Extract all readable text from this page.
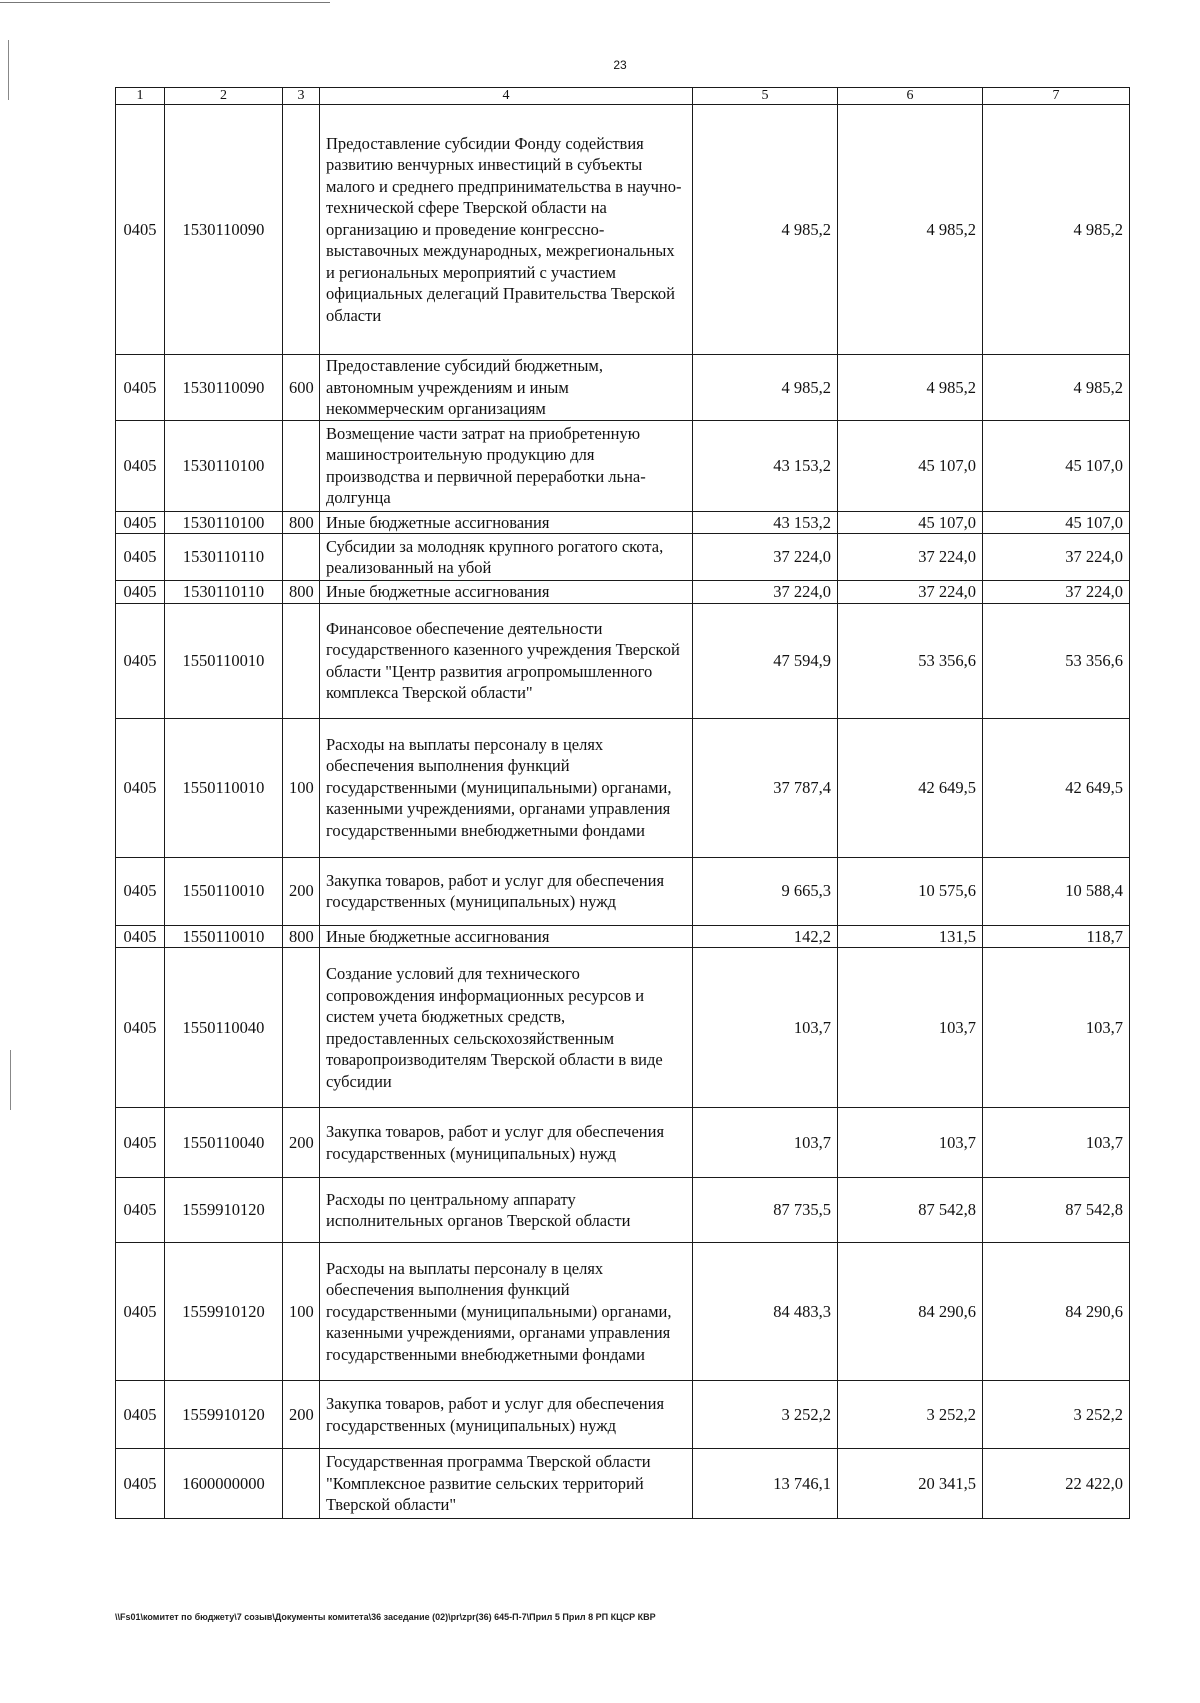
23
1	2	3	4	5	6	7
0405	1530110090		Предоставление субсидии Фонду содействия развитию венчурных инвестиций в субъекты малого и среднего предпринимательства в научно-технической сфере Тверской области на организацию и проведение конгрессно-выставочных международных, межрегиональных и региональных мероприятий с участием официальных делегаций Правительства Тверской области	4 985,2	4 985,2	4 985,2
0405	1530110090	600	Предоставление субсидий бюджетным, автономным учреждениям и иным некоммерческим организациям	4 985,2	4 985,2	4 985,2
0405	1530110100		Возмещение части затрат на приобретенную машиностроительную продукцию для производства и первичной переработки льна-долгунца	43 153,2	45 107,0	45 107,0
0405	1530110100	800	Иные бюджетные ассигнования	43 153,2	45 107,0	45 107,0
0405	1530110110		Субсидии за молодняк крупного рогатого скота, реализованный на убой	37 224,0	37 224,0	37 224,0
0405	1530110110	800	Иные бюджетные ассигнования	37 224,0	37 224,0	37 224,0
0405	1550110010		Финансовое обеспечение деятельности государственного казенного учреждения Тверской области "Центр развития агропромышленного комплекса Тверской области"	47 594,9	53 356,6	53 356,6
0405	1550110010	100	Расходы на выплаты персоналу в целях обеспечения выполнения функций государственными (муниципальными) органами, казенными учреждениями, органами управления государственными внебюджетными фондами	37 787,4	42 649,5	42 649,5
0405	1550110010	200	Закупка товаров, работ и услуг для обеспечения государственных (муниципальных) нужд	9 665,3	10 575,6	10 588,4
0405	1550110010	800	Иные бюджетные ассигнования	142,2	131,5	118,7
0405	1550110040		Создание условий для технического сопровождения информационных ресурсов и систем учета бюджетных средств, предоставленных сельскохозяйственным товаропроизводителям Тверской области в виде субсидии	103,7	103,7	103,7
0405	1550110040	200	Закупка товаров, работ и услуг для обеспечения государственных (муниципальных) нужд	103,7	103,7	103,7
0405	1559910120		Расходы по центральному аппарату исполнительных органов Тверской области	87 735,5	87 542,8	87 542,8
0405	1559910120	100	Расходы на выплаты персоналу в целях обеспечения выполнения функций государственными (муниципальными) органами, казенными учреждениями, органами управления государственными внебюджетными фондами	84 483,3	84 290,6	84 290,6
0405	1559910120	200	Закупка товаров, работ и услуг для обеспечения государственных (муниципальных) нужд	3 252,2	3 252,2	3 252,2
0405	1600000000		Государственная программа Тверской области "Комплексное развитие сельских территорий Тверской области"	13 746,1	20 341,5	22 422,0
\\Fs01\комитет по бюджету\7 созыв\Документы комитета\36 заседание (02)\pr\zpr(36) 645-П-7\Прил 5 Прил 8 РП КЦСР КВР
